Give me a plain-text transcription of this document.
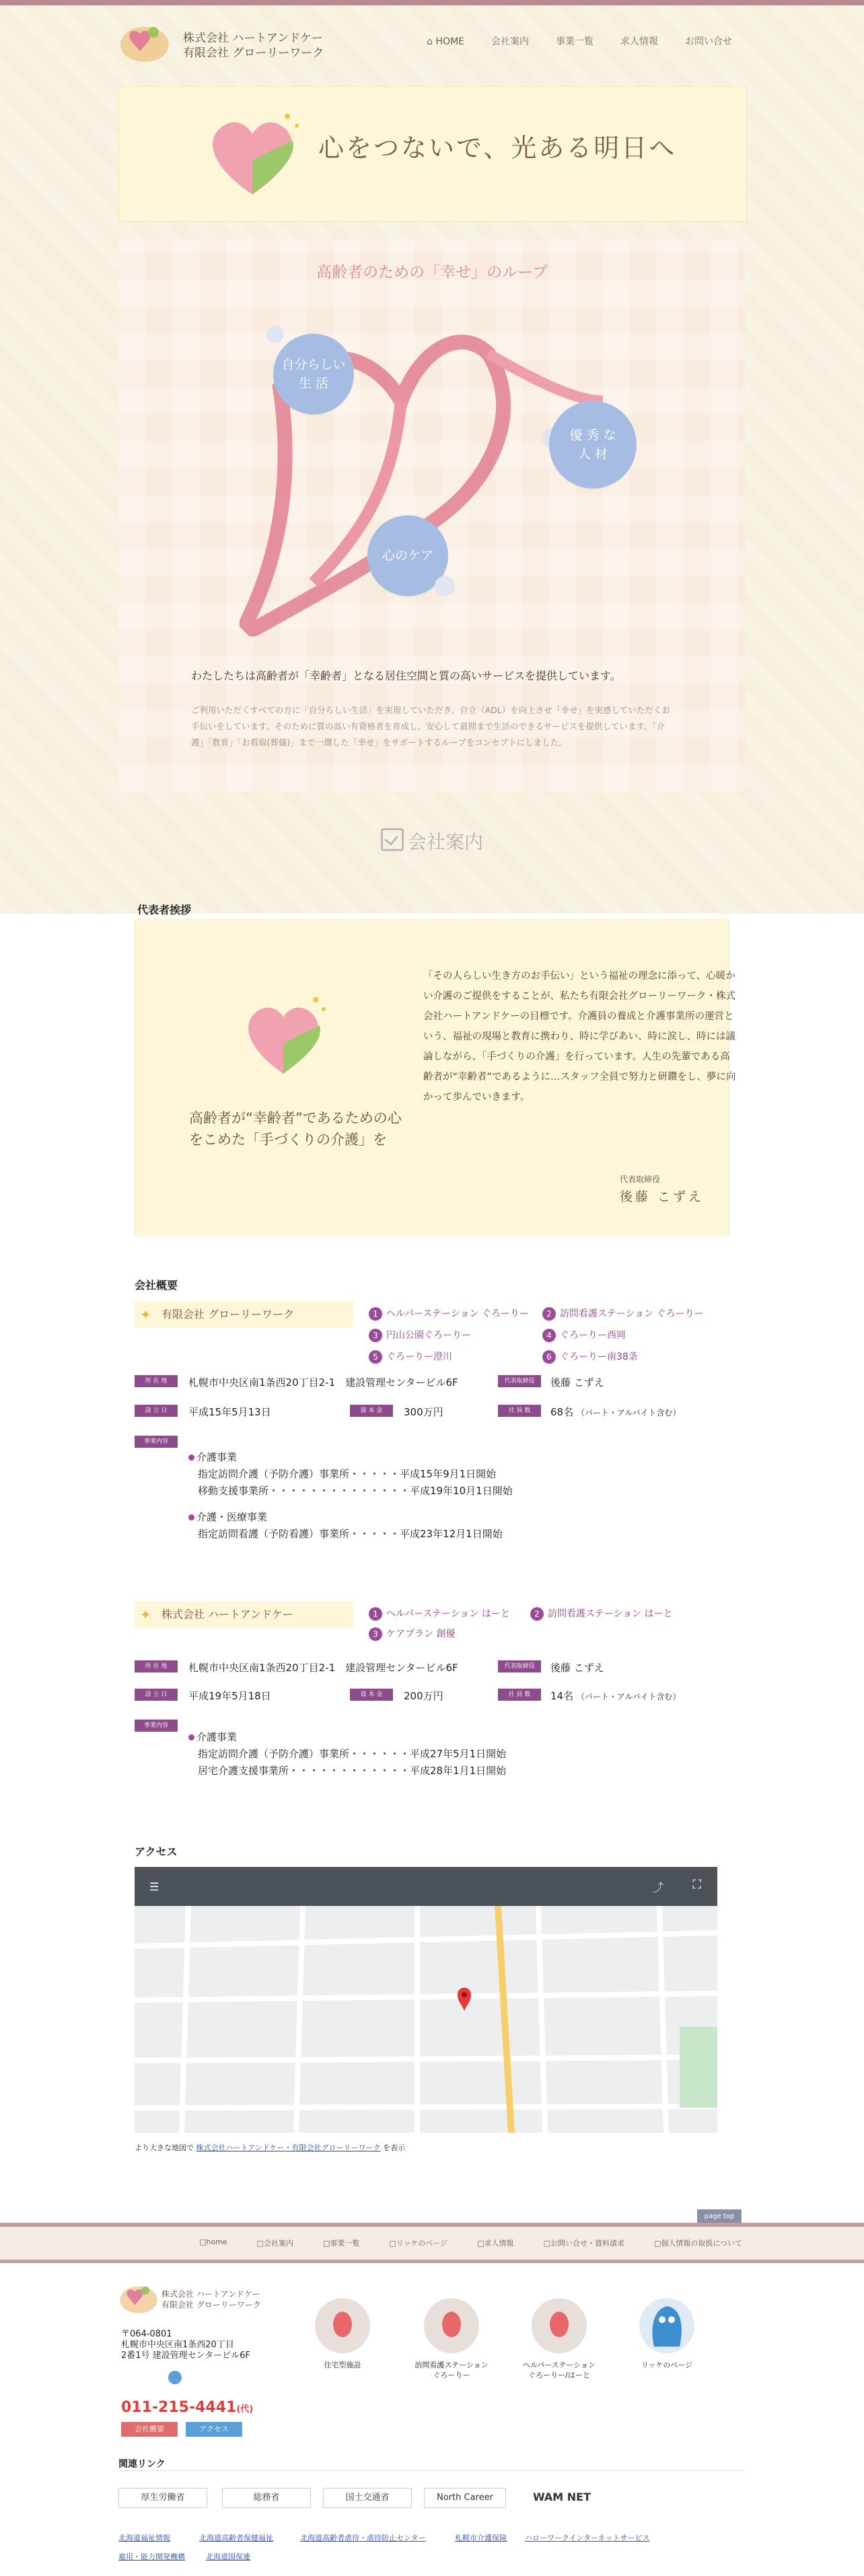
株式会社 ハートアンドケー
有限会社 グローリーワーク
⌂ HOME	会社案内	事業一覧	求人情報	お問い合せ
心をつないで、光ある明日へ
高齢者のための「幸せ」のループ
自分らしい
生 活
優 秀 な
人 材
心のケア
わたしたちは高齢者が「幸齢者」となる居住空間と質の高いサービスを提供しています。
ご利用いただくすべての方に「自分らしい生活」を実現していただき、自立（ADL）を向上させ「幸せ」を実感していただくお手伝いをしています。そのために質の高い有資格者を育成し、安心して最期まで生活のできるサービスを提供しています。「介護」「教育」「お看取(葬儀)」まで一環した「幸せ」をサポートするループをコンセプトにしました。
会社案内
代表者挨拶
高齢者が“幸齢者”であるための心をこめた「手づくりの介護」を
「その人らしい生き方のお手伝い」という福祉の理念に添って、心暖かい介護のご提供をすることが、私たち有限会社グローリーワーク・株式会社ハートアンドケーの目標です。介護員の養成と介護事業所の運営という、福祉の現場と教育に携わり、時に学びあい、時に涙し、時には議論しながら、「手づくりの介護」を行っています。人生の先輩である高齢者が“幸齢者”であるように…スタッフ全員で努力と研鑽をし、夢に向かって歩んでいきます。
代表取締役
後藤 こずえ
会社概要
✦ 有限会社 グローリーワーク	1 ヘルパーステーション ぐろーりー	2 訪問看護ステーション ぐろーりー
3 円山公園ぐろーりー	4 ぐろーりー西岡
5 ぐろーりー澄川	6 ぐろーりー南38条
所 在 地	札幌市中央区南1条西20丁目2-1　建設管理センタービル6F	代表取締役	後藤 こずえ
設 立 日	平成15年5月13日	資 本 金	300万円	社 員 数	68名 （パート・アルバイト含む）
事業内容
介護事業
指定訪問介護（予防介護）事業所・・・・・平成15年9月1日開始
移動支援事業所・・・・・・・・・・・・・・平成19年10月1日開始
介護・医療事業
指定訪問看護（予防看護）事業所・・・・・平成23年12月1日開始
✦ 株式会社 ハートアンドケー	1 ヘルパーステーション はーと	2 訪問看護ステーション はーと
3 ケアプラン 創優
所 在 地	札幌市中央区南1条西20丁目2-1　建設管理センタービル6F	代表取締役	後藤 こずえ
設 立 日	平成19年5月18日	資 本 金	200万円	社 員 数	14名 （パート・アルバイト含む）
事業内容
介護事業
指定訪問介護（予防介護）事業所・・・・・・平成27年5月1日開始
居宅介護支援事業所・・・・・・・・・・・・平成28年1月1日開始
アクセス
☰	⤴ ⛶
より大きな地図で 株式会社ハートアンドケー・有限会社グローリーワーク を表示
page top
□home	□会社案内	□事業一覧	□リッケのページ	□求人情報	□お問い合せ・資料請求	□個人情報の取扱について
株式会社 ハートアンドケー
有限会社 グローリーワーク
〒064-0801
札幌市中央区南1条西20丁目
2番1号 建設管理センタービル6F
011-215-4441(代)
会社概要	アクセス
住宅型施設	訪問看護ステーション
ぐろーりー
ヘルパーステーション
ぐろーりー/はーと
リッケのページ
関連リンク
厚生労働省	総務省	国土交通省	North Career	WAM NET
北海道福祉情報	北海道高齢者保健福祉	北海道高齢者虐待・虐待防止センター	札幌市介護保険 ハローワークインターネットサービス
雇用・能力開発機構	北海道国保連
